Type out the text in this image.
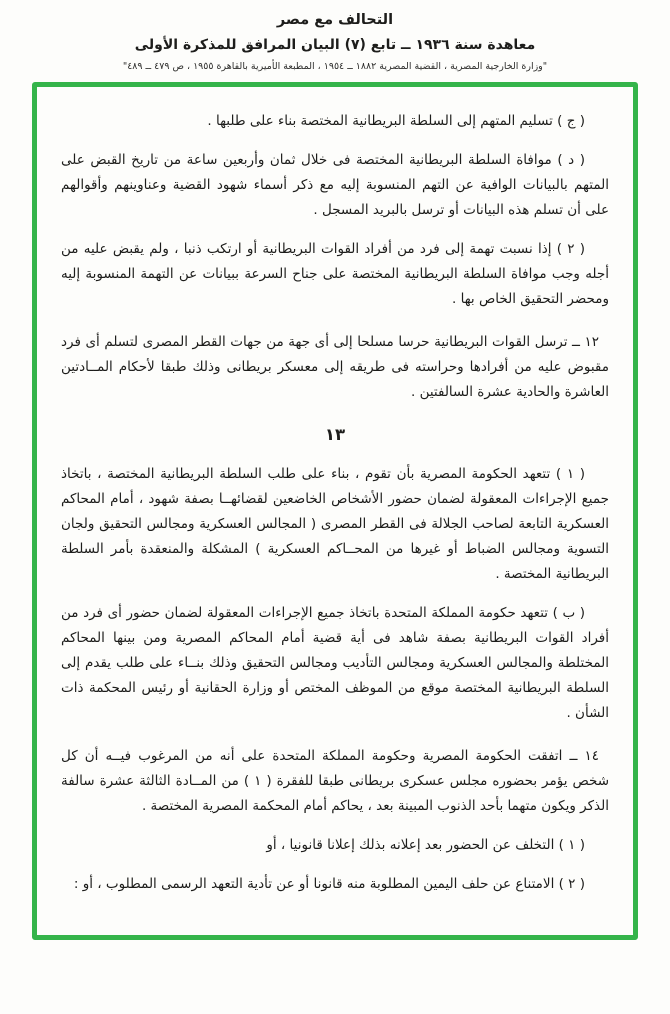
التحالف مع مصر
معاهدة سنة ١٩٣٦ ــ تابع (٧) البيان المرافق للمذكرة الأولى
"وزارة الخارجية المصرية ، القضية المصرية ١٨٨٢ ــ ١٩٥٤ ، المطبعة الأميرية بالقاهرة ١٩٥٥ ، ص ٤٧٩ ــ ٤٨٩"

( ج ) تسليم المتهم إلى السلطة البريطانية المختصة بناء على طلبها .

( د ) موافاة السلطة البريطانية المختصة فى خلال ثمان وأربعين ساعة من تاريخ القبض على المتهم بالبيانات الوافية عن التهم المنسوبة إليه مع ذكر أسماء شهود القضية وعناوينهم وأقوالهم على أن تسلم هذه البيانات أو ترسل بالبريد المسجل .

( ٢ ) إذا نسبت تهمة إلى فرد من أفراد القوات البريطانية أو ارتكب ذنبا ، ولم يقبض عليه من أجله وجب موافاة السلطة البريطانية المختصة على جناح السرعة ببيانات عن التهمة المنسوبة إليه ومحضر التحقيق الخاص بها .

١٢ ــ ترسل القوات البريطانية حرسا مسلحا إلى أى جهة من جهات القطر المصرى لتسلم أى فرد مقبوض عليه من أفرادها وحراسته فى طريقه إلى معسكر بريطانى وذلك طبقا لأحكام المــادتين العاشرة والحادية عشرة السالفتين .

١٣

( ١ ) تتعهد الحكومة المصرية بأن تقوم ، بناء على طلب السلطة البريطانية المختصة ، باتخاذ جميع الإجراءات المعقولة لضمان حضور الأشخاص الخاضعين لقضائهــا بصفة شهود ، أمام المحاكم العسكرية التابعة لصاحب الجلالة فى القطر المصرى ( المجالس العسكرية ومجالس التحقيق ولجان التسوية ومجالس الضباط أو غيرها من المحــاكم العسكرية ) المشكلة والمنعقدة بأمر السلطة البريطانية المختصة .

( ب ) تتعهد حكومة المملكة المتحدة باتخاذ جميع الإجراءات المعقولة لضمان حضور أى فرد من أفراد القوات البريطانية بصفة شاهد فى أية قضية أمام المحاكم المصرية ومن بينها المحاكم المختلطة والمجالس العسكرية ومجالس التأديب ومجالس التحقيق وذلك بنــاء على طلب يقدم إلى السلطة البريطانية المختصة موقع من الموظف المختص أو وزارة الحقانية أو رئيس المحكمة ذات الشأن .

١٤ ــ اتفقت الحكومة المصرية وحكومة المملكة المتحدة على أنه من المرغوب فيــه أن كل شخص يؤمر بحضوره مجلس عسكرى بريطانى طبقا للفقرة ( ١ ) من المــادة الثالثة عشرة سالفة الذكر ويكون متهما بأحد الذنوب المبينة بعد ، يحاكم أمام المحكمة المصرية المختصة .

( ١ ) التخلف عن الحضور بعد إعلانه بذلك إعلانا قانونيا ، أو

( ٢ ) الامتناع عن حلف اليمين المطلوبة منه قانونا أو عن تأدية التعهد الرسمى المطلوب ، أو :
